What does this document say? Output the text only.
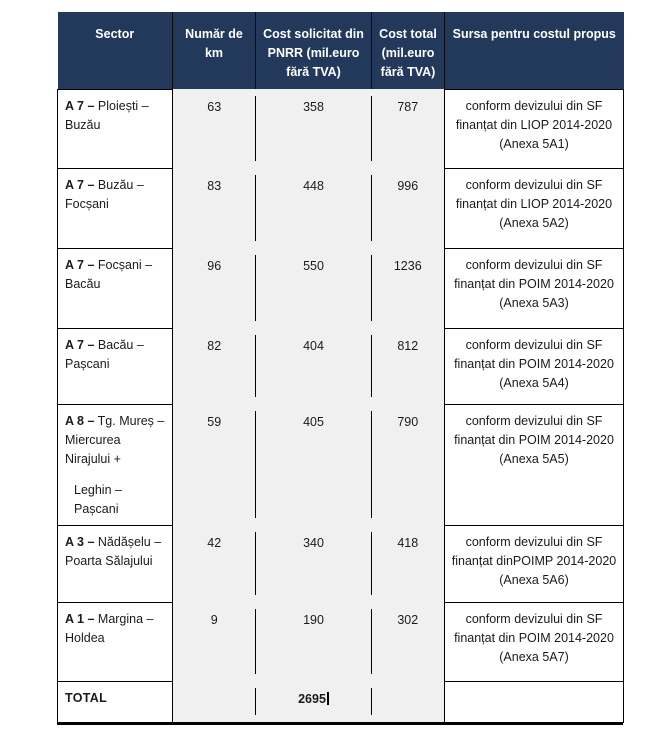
Sector	Număr de km	Cost solicitat din PNRR (mil.euro fără TVA)	Cost total (mil.euro fără TVA)	Sursa pentru costul propus

A 7 – Ploiești – Buzău	63	358	787	conform devizului din SF finanțat din LIOP 2014-2020 (Anexa 5A1)

A 7 – Buzău – Focșani	83	448	996	conform devizului din SF finanțat din LIOP 2014-2020 (Anexa 5A2)

A 7 – Focșani – Bacău	96	550	1236	conform devizului din SF finanțat din POIM 2014-2020 (Anexa 5A3)

A 7 – Bacău – Pașcani	82	404	812	conform devizului din SF finanțat din POIM 2014-2020 (Anexa 5A4)

A 8 – Tg. Mureș – Miercurea Nirajului +
Leghin – Pașcani	59	405	790	conform devizului din SF finanțat din POIM 2014-2020 (Anexa 5A5)

A 3 – Nădășelu – Poarta Sălajului	42	340	418	conform devizului din SF finanțat dinPOIMP 2014-2020 (Anexa 5A6)

A 1 – Margina – Holdea	9	190	302	conform devizului din SF finanțat din POIM 2014-2020 (Anexa 5A7)
TOTAL		2695		
